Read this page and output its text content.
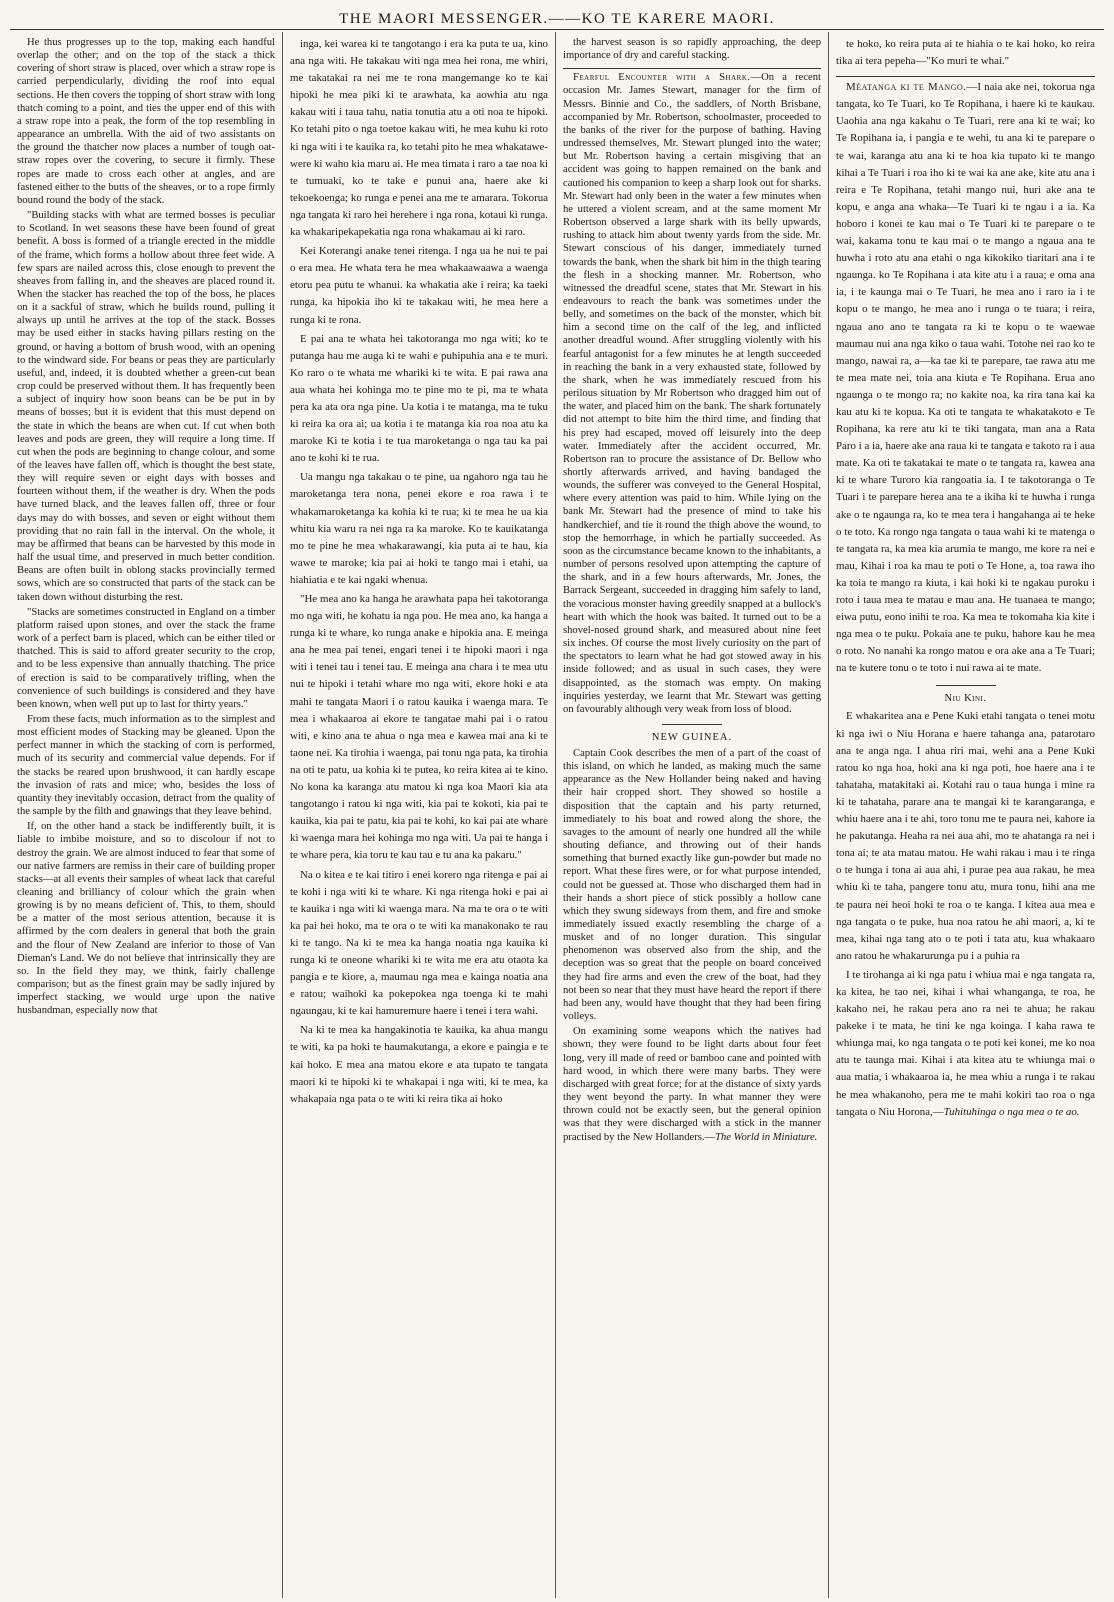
THE MAORI MESSENGER.——KO TE KARERE MAORI.

He thus progresses up to the top, making each handful overlap the other; and on the top of the stack a thick covering of short straw is placed, over which a straw rope is carried perpendicularly, dividing the roof into equal sections. He then covers the topping of short straw with long thatch coming to a point, and ties the upper end of this with a straw rope into a peak, the form of the top resembling in appearance an umbrella. With the aid of two assistants on the ground the thatcher now places a number of tough oat-straw ropes over the covering, to secure it firmly. These ropes are made to cross each other at angles, and are fastened either to the butts of the sheaves, or to a rope firmly bound round the body of the stack.

"Building stacks with what are termed bosses is peculiar to Scotland. In wet seasons these have been found of great benefit. A boss is formed of a triangle erected in the middle of the frame, which forms a hollow about three feet wide. A few spars are nailed across this, close enough to prevent the sheaves from falling in, and the sheaves are placed round it. When the stacker has reached the top of the boss, he places on it a sackful of straw, which he builds round, pulling it always up until he arrives at the top of the stack. Bosses may be used either in stacks having pillars resting on the ground, or having a bottom of brush wood, with an opening to the windward side. For beans or peas they are particularly useful, and, indeed, it is doubted whether a green-cut bean crop could be preserved without them. It has frequently been a subject of inquiry how soon beans can be be put in by means of bosses; but it is evident that this must depend on the state in which the beans are when cut. If cut when both leaves and pods are green, they will require a long time. If cut when the pods are beginning to change colour, and some of the leaves have fallen off, which is thought the best state, they will require seven or eight days with bosses and fourteen without them, if the weather is dry. When the pods have turned black, and the leaves fallen off, three or four days may do with bosses, and seven or eight without them providing that no rain fall in the interval. On the whole, it may be affirmed that beans can be harvested by this mode in half the usual time, and preserved in much better condition. Beans are often built in oblong stacks provincially termed sows, which are so constructed that parts of the stack can be taken down without disturbing the rest.

"Stacks are sometimes constructed in England on a timber platform raised upon stones, and over the stack the frame work of a perfect barn is placed, which can be either tiled or thatched. This is said to afford greater security to the crop, and to be less expensive than annually thatching. The price of erection is said to be comparatively trifling, when the convenience of such buildings is considered and they have been known, when well put up to last for thirty years."

From these facts, much information as to the simplest and most efficient modes of Stacking may be gleaned. Upon the perfect manner in which the stacking of corn is performed, much of its security and commercial value depends. For if the stacks be reared upon brushwood, it can hardly escape the invasion of rats and mice; who, besides the loss of quantity they inevitably occasion, detract from the quality of the sample by the filth and gnawings that they leave behind.

If, on the other hand a stack be indifferently built, it is liable to imbibe moisture, and so to discolour if not to destroy the grain. We are almost induced to fear that some of our native farmers are remiss in their care of building proper stacks—at all events their samples of wheat lack that careful cleaning and brilliancy of colour which the grain when growing is by no means deficient of. This, to them, should be a matter of the most serious attention, because it is affirmed by the corn dealers in general that both the grain and the flour of New Zealand are inferior to those of Van Dieman's Land. We do not believe that intrinsically they are so. In the field they may, we think, fairly challenge comparison; but as the finest grain may be sadly injured by imperfect stacking, we would urge upon the native husbandman, especially now that

inga, kei warea ki te tangotango i era ka puta te ua, kino ana nga witi. He takakau witi nga mea hei rona, me whiri, me takatakai ra nei me te rona mangemange ko te kai hipoki he mea piki ki te arawhata, ka aowhia atu nga kakau witi i taua tahu, natia tonutia atu a oti noa te hipoki. Ko tetahi pito o nga toetoe kakau witi, he mea kuhu ki roto ki nga witi i te kauika ra, ko tetahi pito he mea whakatawe-were ki waho kia maru ai. He mea timata i raro a tae noa ki te tumuaki, ko te take e punui ana, haere ake ki tekoekoenga; ko runga e penei ana me te amarara. Tokorua nga tangata ki raro hei herehere i nga rona, kotaui ki runga. ka whakaripekapekatia nga rona whakamau ai ki raro.

Kei Koterangi anake tenei ritenga. I nga ua he nui te pai o era mea. He whata tera he mea whakaawaawa a waenga etoru pea putu te whanui. ka whakatia ake i reira; ka taeki runga, ka hipokia iho ki te takakau witi, he mea here a runga ki te rona.

E pai ana te whata hei takotoranga mo nga witi; ko te putanga hau me auga ki te wahi e puhipuhia ana e te muri. Ko raro o te whata me whariki ki te wita. E pai rawa ana aua whata hei kohinga mo te pine mo te pi, ma te whata pera ka ata ora nga pine. Ua kotia i te matanga, ma te tuku ki reira ka ora ai; ua kotia i te matanga kia roa noa atu ka maroke Ki te kotia i te tua maroketanga o nga tau ka pai ano te kohi ki te rua.

Ua mangu nga takakau o te pine, ua ngahoro nga tau he maroketanga tera nona, penei ekore e roa rawa i te whakamaroketanga ka kohia ki te rua; ki te mea he ua kia whitu kia waru ra nei nga ra ka maroke. Ko te kauikatanga mo te pine he mea whakarawangi, kia puta ai te hau, kia wawe te maroke; kia pai ai hoki te tango mai i etahi, ua hiahiatia e te kai ngaki whenua.

"He mea ano ka hanga he arawhata papa hei takotoranga mo nga witi, he kohatu ia nga pou. He mea ano, ka hanga a runga ki te whare, ko runga anake e hipokia ana. E meinga ana he mea pai tenei, engari tenei i te hipoki maori i nga witi i tenei tau i tenei tau. E meinga ana chara i te mea utu nui te hipoki i tetahi whare mo nga witi, ekore hoki e ata mahi te tangata Maori i o ratou kauika i waenga mara. Te mea i whakaaroa ai ekore te tangatae mahi pai i o ratou witi, e kino ana te ahua o nga mea e kawea mai ana ki te taone nei. Ka tirohia i waenga, pai tonu nga pata, ka tirohia na oti te patu, ua kohia ki te putea, ko reira kitea ai te kino. No kona ka karanga atu matou ki nga koa Maori kia ata tangotango i ratou ki nga witi, kia pai te kokoti, kia pai te kauika, kia pai te patu, kia pai te kohi, ko kai pai ate whare ki waenga mara hei kohinga mo nga witi. Ua pai te hanga i te whare pera, kia toru te kau tau e tu ana ka pakaru."

Na o kitea e te kai titiro i enei korero nga ritenga e pai ai te kohi i nga witi ki te whare. Ki nga ritenga hoki e pai ai te kauika i nga witi ki waenga mara. Na ma te ora o te witi ka pai hei hoko, ma te ora o te witi ka manakonako te rau ki te tango. Na ki te mea ka hanga noatia nga kauika ki runga ki te oneone whariki ki te wita me era atu otaota ka pangia e te kiore, a, maumau nga mea e kainga noatia ana e ratou; waihoki ka pokepokea nga toenga ki te mahi ngaungau, ki te kai hamuremure haere i tenei i tera wahi.

Na ki te mea ka hangakinotia te kauika, ka ahua mangu te witi, ka pa hoki te haumakutanga, a ekore e paingia e te kai hoko. E mea ana matou ekore e ata tupato te tangata maori ki te hipoki ki te whakapai i nga witi, ki te mea, ka whakapaia nga pata o te witi ki reira tika ai hoko

the harvest season is so rapidly approaching, the deep importance of dry and careful stacking.

Fearful Encounter with a Shark.—On a recent occasion Mr. James Stewart, manager for the firm of Messrs. Binnie and Co., the saddlers, of North Brisbane, accompanied by Mr. Robertson, schoolmaster, proceeded to the banks of the river for the purpose of bathing. Having undressed themselves, Mr. Stewart plunged into the water; but Mr. Robertson having a certain misgiving that an accident was going to happen remained on the bank and cautioned his companion to keep a sharp look out for sharks. Mr. Stewart had only been in the water a few minutes when he uttered a violent scream, and at the same moment Mr Robertson observed a large shark with its belly upwards, rushing to attack him about twenty yards from the side. Mr. Stewart conscious of his danger, immediately turned towards the bank, when the shark bit him in the thigh tearing the flesh in a shocking manner. Mr. Robertson, who witnessed the dreadful scene, states that Mr. Stewart in his endeavours to reach the bank was sometimes under the belly, and sometimes on the back of the monster, which bit him a second time on the calf of the leg, and inflicted another dreadful wound. After struggling violently with his fearful antagonist for a few minutes he at length succeeded in reaching the bank in a very exhausted state, followed by the shark, when he was immediately rescued from his perilous situation by Mr Robertson who dragged him out of the water, and placed him on the bank. The shark fortunately did not attempt to bite him the third time, and finding that his prey had escaped, moved off leisurely into the deep water. Immediately after the accident occurred, Mr. Robertson ran to procure the assistance of Dr. Bellow who shortly afterwards arrived, and having bandaged the wounds, the sufferer was conveyed to the General Hospital, where every attention was paid to him. While lying on the bank Mr. Stewart had the presence of mind to take his handkerchief, and tie it round the thigh above the wound, to stop the hemorrhage, in which he partially succeeded. As soon as the circumstance became known to the inhabitants, a number of persons resolved upon attempting the capture of the shark, and in a few hours afterwards, Mr. Jones, the Barrack Sergeant, succeeded in dragging him safely to land, the voracious monster having greedily snapped at a bullock's heart with which the hook was baited. It turned out to be a shovel-nosed ground shark, and measured about nine feet six inches. Of course the most lively curiosity on the part of the spectators to learn what he had got stowed away in his inside followed; and as usual in such cases, they were disappointed, as the stomach was empty. On making inquiries yesterday, we learnt that Mr. Stewart was getting on favourably although very weak from loss of blood.

NEW GUINEA.

Captain Cook describes the men of a part of the coast of this island, on which he landed, as making much the same appearance as the New Hollander being naked and having their hair cropped short. They showed so hostile a disposition that the captain and his party returned, immediately to his boat and rowed along the shore, the savages to the amount of nearly one hundred all the while shouting defiance, and throwing out of their hands something that burned exactly like gun-powder but made no report. What these fires were, or for what purpose intended, could not be guessed at. Those who discharged them had in their hands a short piece of stick possibly a hollow cane which they swung sideways from them, and fire and smoke immediately issued exactly resembling the charge of a musket and of no longer duration. This singular phenomenon was observed also from the ship, and the deception was so great that the people on board conceived they had fire arms and even the crew of the boat, had they not been so near that they must have heard the report if there had been any, would have thought that they had been firing volleys.

On examining some weapons which the natives had shown, they were found to be light darts about four feet long, very ill made of reed or bamboo cane and pointed with hard wood, in which there were many barbs. They were discharged with great force; for at the distance of sixty yards they went beyond the party. In what manner they were thrown could not be exactly seen, but the general opinion was that they were discharged with a stick in the manner practised by the New Hollanders.—The World in Miniature.

te hoko, ko reira puta ai te hiahia o te kai hoko, ko reira tika ai tera pepeha—"Ko muri te whai."

Mèatanga ki te Mango.—I naia ake nei, tokorua nga tangata, ko Te Tuari, ko Te Ropihana, i haere ki te kaukau. Uaohia ana nga kakahu o Te Tuari, rere ana ki te wai; ko Te Ropihana ia, i pangia e te wehi, tu ana ki te parepare o te wai, karanga atu ana ki te hoa kia tupato ki te mango kihai a Te Tuari i roa iho ki te wai ka ane ake, kite atu ana i reira e Te Ropihana, tetahi mango nui, huri ake ana te kopu, e anga ana whaka—Te Tuari ki te ngau i a ia. Ka hoboro i konei te kau mai o Te Tuari ki te parepare o te wai, kakama tonu te kau mai o te mango a ngaua ana te huwha i roto atu ana etahi o nga kikokiko tiaritari ana i te ngaunga. ko Te Ropihana i ata kite atu i a raua; e oma ana ia, i te kaunga mai o Te Tuari, he mea ano i raro ia i te kopu o te mango, he mea ano i runga o te tuara; i reira, ngaua ano ano te tangata ra ki te kopu o te waewae maumau nui ana nga kiko o taua wahi. Totohe nei rao ko te mango, nawai ra, a—ka tae ki te parepare, tae rawa atu me te mea mate nei, toia ana kiuta e Te Ropihana. Erua ano ngaunga o te mongo ra; no kakite noa, ka rira tana kai ka kau atu ki te kopua. Ka oti te tangata te whakatakoto e Te Ropihana, ka rere atu ki te tiki tangata, man ana a Rata Paro i a ia, haere ake ana raua ki te tangata e takoto ra i aua mate. Ka oti te takatakai te mate o te tangata ra, kawea ana ki te whare Turoro kia rangoatia ia. I te takotoranga o Te Tuari i te parepare herea ana te a ikiha ki te huwha i runga ake o te ngaunga ra, ko te mea tera i hangahanga ai te heke o te toto. Ka rongo nga tangata o taua wahi ki te matenga o te tangata ra, ka mea kia arumia te mango, me kore ra nei e mau, Kihai i roa ka mau te poti o Te Hone, a, toa rawa iho ka toia te mango ra kiuta, i kai hoki ki te ngakau puroku i roto i taua mea te matau e mau ana. He tuanaea te mango; eiwa putu, eono inihi te roa. Ka mea te tokomaha kia kite i nga mea o te puku. Pokaia ane te puku, hahore kau he mea o roto. No nanahi ka rongo matou e ora ake ana a Te Tuari; na te kutere tonu o te toto i nui rawa ai te mate.

Niu Kini.

E whakaritea ana e Pene Kuki etahi tangata o tenei motu ki nga iwi o Niu Horana e haere tahanga ana, patarotaro ana te anga nga. I ahua riri mai, wehi ana a Pene Kuki ratou ko nga hoa, hoki ana ki nga poti, hoe haere ana i te tahataha, matakitaki ai. Kotahi rau o taua hunga i mine ra ki te tahataha, parare ana te mangai ki te karangaranga, e whiu haere ana i te ahi, toro tonu me te paura nei, kahore ia he pakutanga. Heaha ra nei aua ahi, mo te ahatanga ra nei i tona ai; te ata matau matou. He wahi rakau i mau i te ringa o te hunga i tona ai aua ahi, i purae pea aua rakau, he mea whiu ki te taha, pangere tonu atu, mura tonu, hihi ana me te paura nei heoi hoki te roa o te kanga. I kitea aua mea e nga tangata o te puke, hua noa ratou he ahi maori, a, ki te mea, kihai nga tang ato o te poti i tata atu, kua whakaaro ano ratou he whakarurunga pu i a puhia ra

I te tirohanga ai ki nga patu i whiua mai e nga tangata ra, ka kitea, he tao nei, kihai i whai whanganga, te roa, he kakaho nei, he rakau pera ano ra nei te ahua; he rakau pakeke i te mata, he tini ke nga koinga. I kaha rawa te whiunga mai, ko nga tangata o te poti kei konei, me ko noa atu te taunga mai. Kihai i ata kitea atu te whiunga mai o aua matia, i whakaaroa ia, he mea whiu a runga i te rakau he mea whakanoho, pera me te mahi kokiri tao roa o nga tangata o Niu Horona,—Tuhituhinga o nga mea o te ao.
